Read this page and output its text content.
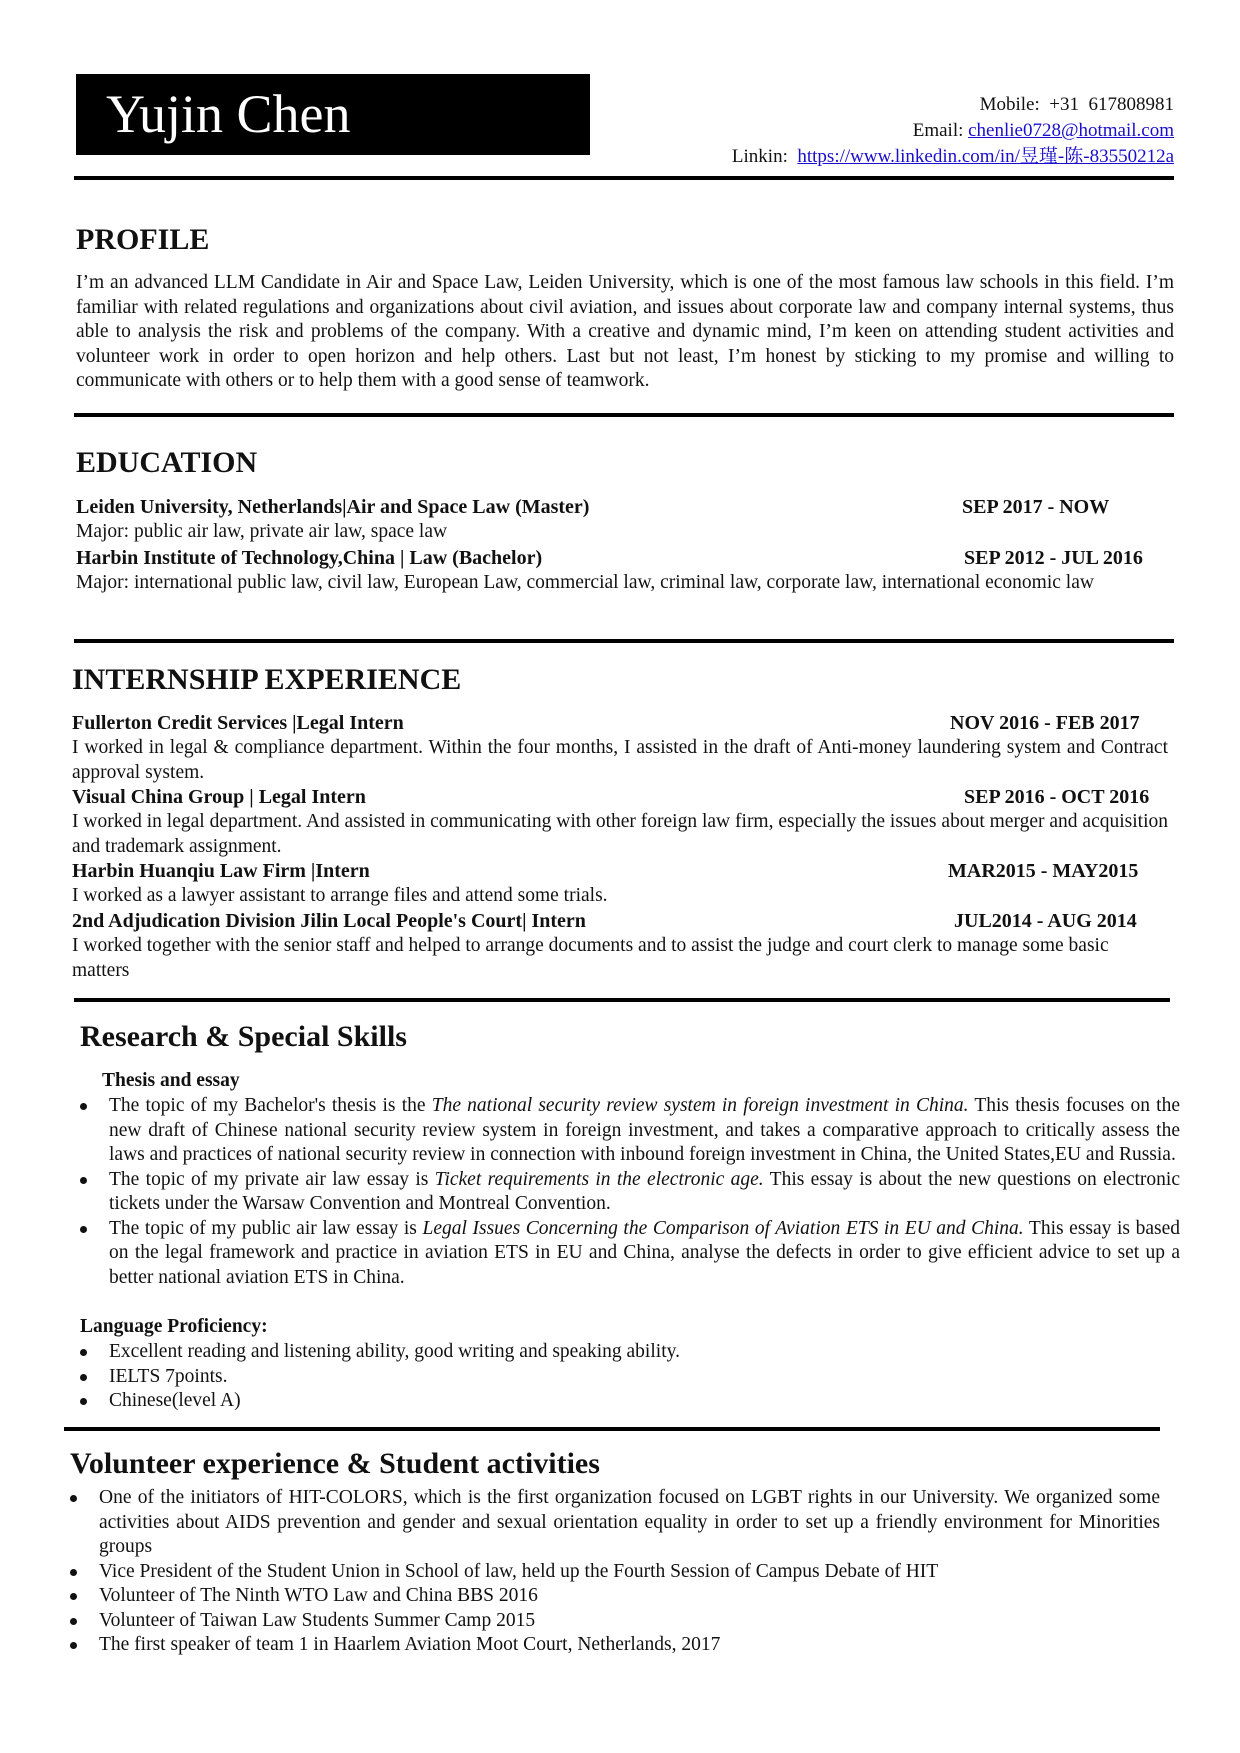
Yujin Chen	Mobile: +31  617808981
Email: chenlie0728@hotmail.com
Linkin: https://www.linkedin.com/in/昱瑾-陈-83550212a
PROFILE
I’m an advanced LLM Candidate in Air and Space Law, Leiden University, which is one of the most famous law schools in this field. I’m familiar with related regulations and organizations about civil aviation, and issues about corporate law and company internal systems, thus able to analysis the risk and problems of the company. With a creative and dynamic mind, I’m keen on attending student activities and volunteer work in order to open horizon and help others. Last but not least, I’m honest by sticking to my promise and willing to communicate with others or to help them with a good sense of teamwork.
EDUCATION
Leiden University, Netherlands|Air and Space Law (Master)	SEP 2017 - NOW
Major: public air law, private air law, space law
Harbin Institute of Technology,China | Law (Bachelor)	SEP 2012 - JUL 2016
Major: international public law, civil law, European Law, commercial law, criminal law, corporate law, international economic law
INTERNSHIP EXPERIENCE
Fullerton Credit Services |Legal Intern	NOV 2016 - FEB 2017
I worked in legal & compliance department. Within the four months, I assisted in the draft of Anti-money laundering system and Contract approval system.
Visual China Group | Legal Intern	SEP 2016 - OCT 2016
I worked in legal department. And assisted in communicating with other foreign law firm, especially the issues about merger and acquisition and trademark assignment.
Harbin Huanqiu Law Firm |Intern	MAR2015 - MAY2015
I worked as a lawyer assistant to arrange files and attend some trials.
2nd Adjudication Division Jilin Local People's Court| Intern	JUL2014 - AUG 2014
I worked together with the senior staff and helped to arrange documents and to assist the judge and court clerk to manage some basic matters
Research & Special Skills
Thesis and essay
The topic of my Bachelor's thesis is the The national security review system in foreign investment in China. This thesis focuses on the new draft of Chinese national security review system in foreign investment, and takes a comparative approach to critically assess the laws and practices of national security review in connection with inbound foreign investment in China, the United States,EU and Russia.
The topic of my private air law essay is Ticket requirements in the electronic age. This essay is about the new questions on electronic tickets under the Warsaw Convention and Montreal Convention.
The topic of my public air law essay is Legal Issues Concerning the Comparison of Aviation ETS in EU and China. This essay is based on the legal framework and practice in aviation ETS in EU and China, analyse the defects in order to give efficient advice to set up a better national aviation ETS in China.
Language Proficiency:
Excellent reading and listening ability, good writing and speaking ability.
IELTS 7points.
Chinese(level A)
Volunteer experience & Student activities
One of the initiators of HIT-COLORS, which is the first organization focused on LGBT rights in our University. We organized some activities about AIDS prevention and gender and sexual orientation equality in order to set up a friendly environment for Minorities groups
Vice President of the Student Union in School of law, held up the Fourth Session of Campus Debate of HIT
Volunteer of The Ninth WTO Law and China BBS 2016
Volunteer of Taiwan Law Students Summer Camp 2015
The first speaker of team 1 in Haarlem Aviation Moot Court, Netherlands, 2017
